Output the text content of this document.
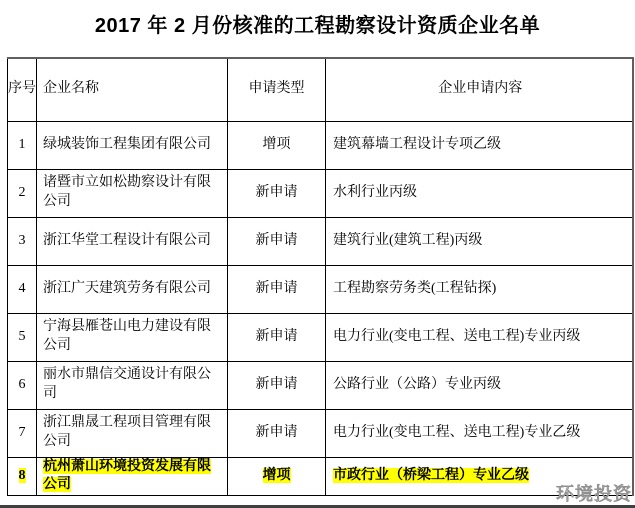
2017 年 2 月份核准的工程勘察设计资质企业名单
序号	企业名称	申请类型	企业申请内容
1	绿城装饰工程集团有限公司	增项	建筑幕墙工程设计专项乙级
2	诸暨市立如松勘察设计有限公司	新申请	水利行业丙级
3	浙江华堂工程设计有限公司	新申请	建筑行业(建筑工程)丙级
4	浙江广天建筑劳务有限公司	新申请	工程勘察劳务类(工程钻探)
5	宁海县雁苍山电力建设有限公司	新申请	电力行业(变电工程、送电工程)专业丙级
6	丽水市鼎信交通设计有限公司	新申请	公路行业（公路）专业丙级
7	浙江鼎晟工程项目管理有限公司	新申请	电力行业(变电工程、送电工程)专业乙级
8	杭州萧山环境投资发展有限公司	增项	市政行业（桥梁工程）专业乙级
环境投资
